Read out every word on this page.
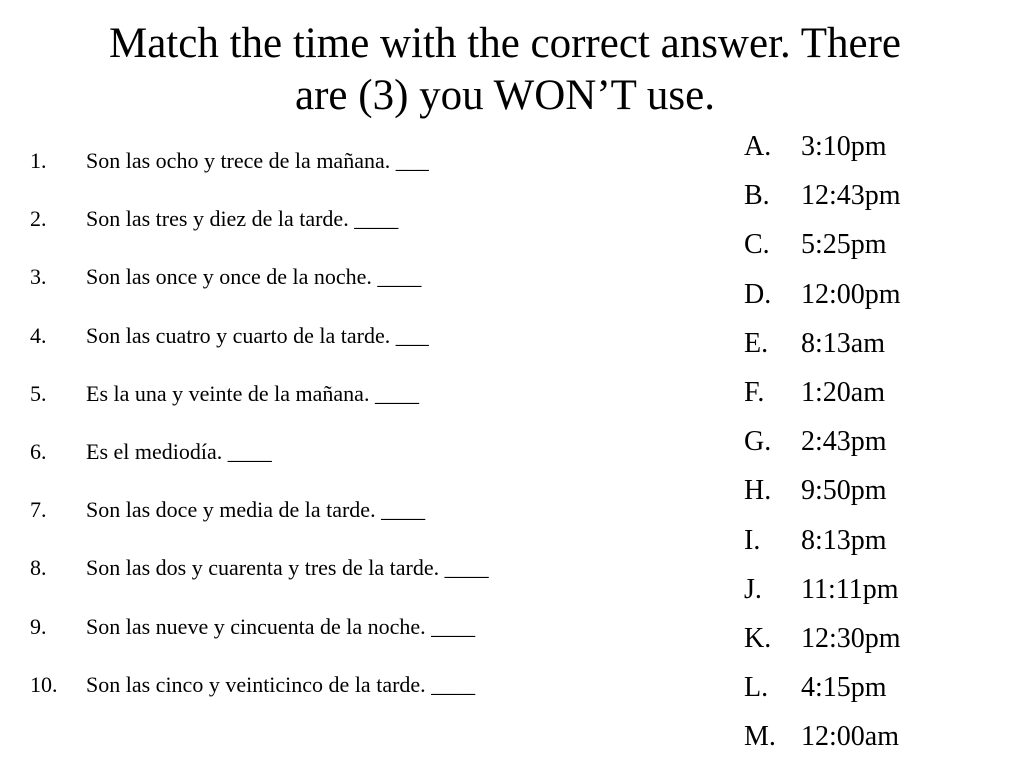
Match the time with the correct answer. There
are (3) you WON’T use.
1. Son las ocho y trece de la mañana. ___
2. Son las tres y diez de la tarde. ____
3. Son las once y once de la noche. ____
4. Son las cuatro y cuarto de la tarde. ___
5. Es la una y veinte de la mañana. ____
6. Es el mediodía. ____
7. Son las doce y media de la tarde. ____
8. Son las dos y cuarenta y tres de la tarde. ____
9. Son las nueve y cincuenta de la noche. ____
10. Son las cinco y veinticinco de la tarde. ____
A. 3:10pm
B. 12:43pm
C. 5:25pm
D. 12:00pm
E. 8:13am
F. 1:20am
G. 2:43pm
H. 9:50pm
I. 8:13pm
J. 11:11pm
K. 12:30pm
L. 4:15pm
M. 12:00am
